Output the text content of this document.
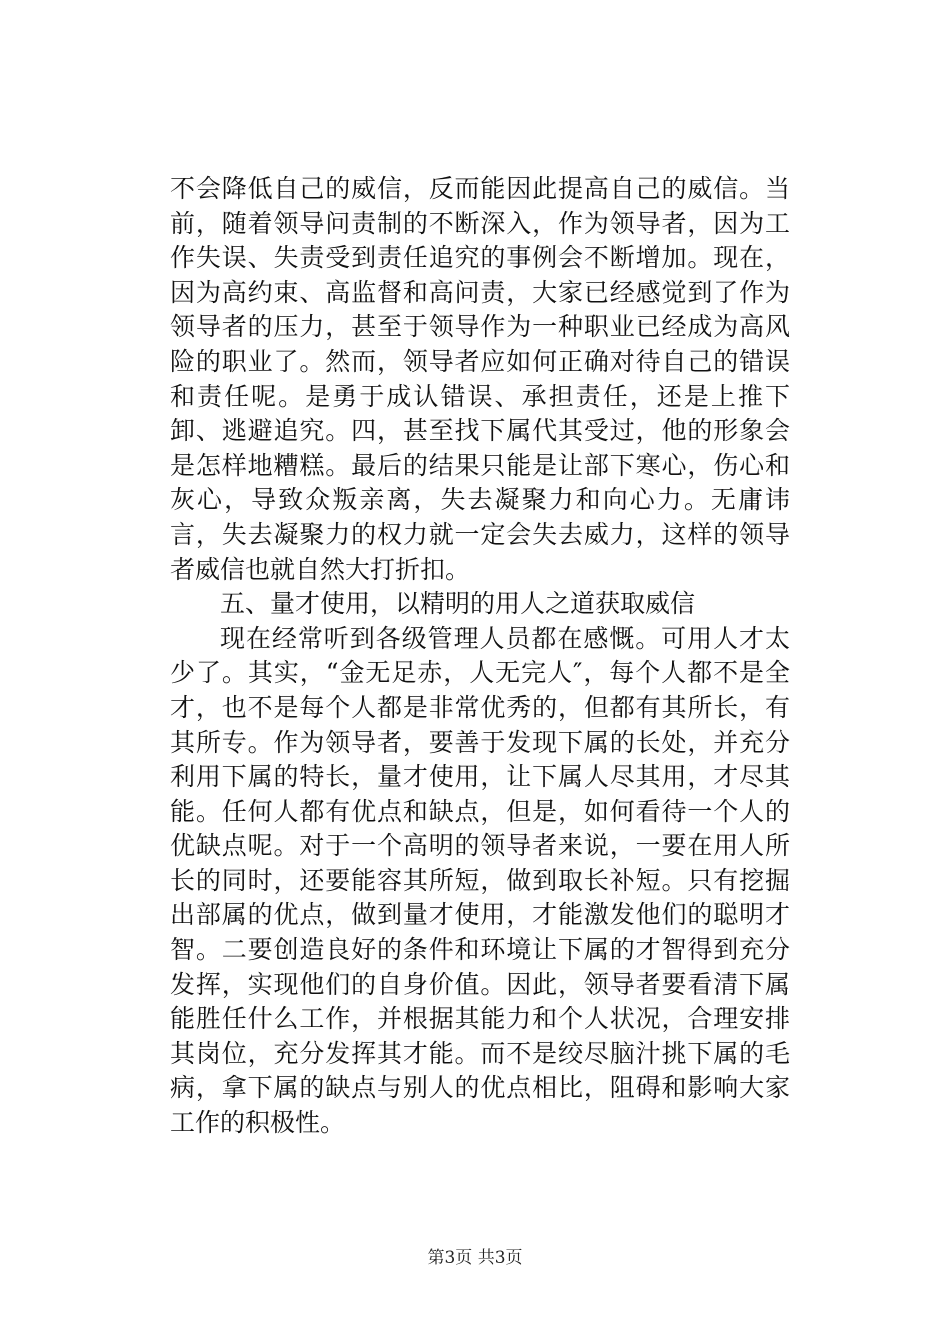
不会降低自己的威信，反而能因此提高自己的威信。当前，随着领导问责制的不断深入，作为领导者，因为工作失误、失责受到责任追究的事例会不断增加。现在，因为高约束、高监督和高问责，大家已经感觉到了作为领导者的压力，甚至于领导作为一种职业已经成为高风险的职业了。然而，领导者应如何正确对待自己的错误和责任呢。是勇于成认错误、承担责任，还是上推下卸、逃避追究。四，甚至找下属代其受过，他的形象会是怎样地糟糕。最后的结果只能是让部下寒心，伤心和灰心，导致众叛亲离，失去凝聚力和向心力。无庸讳言，失去凝聚力的权力就一定会失去威力，这样的领导者威信也就自然大打折扣。

五、量才使用，以精明的用人之道获取威信

现在经常听到各级管理人员都在感慨。可用人才太少了。其实，“金无足赤，人无完人″，每个人都不是全才，也不是每个人都是非常优秀的，但都有其所长，有其所专。作为领导者，要善于发现下属的长处，并充分利用下属的特长，量才使用，让下属人尽其用，才尽其能。任何人都有优点和缺点，但是，如何看待一个人的优缺点呢。对于一个高明的领导者来说，一要在用人所长的同时，还要能容其所短，做到取长补短。只有挖掘出部属的优点，做到量才使用，才能激发他们的聪明才智。二要创造良好的条件和环境让下属的才智得到充分发挥，实现他们的自身价值。因此，领导者要看清下属能胜任什么工作，并根据其能力和个人状况，合理安排其岗位，充分发挥其才能。而不是绞尽脑汁挑下属的毛病，拿下属的缺点与别人的优点相比，阻碍和影响大家工作的积极性。

第3页 共3页
